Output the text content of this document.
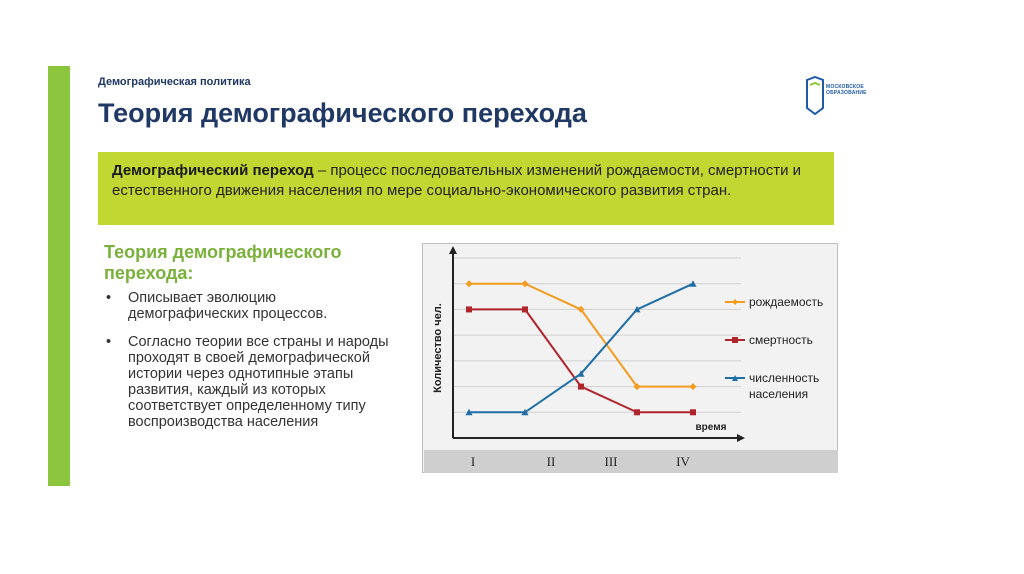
Демографическая политика
Теория демографического перехода
МОСКОВСКОЕ
ОБРАЗОВАНИЕ
Демографический переход – процесс последовательных изменений рождаемости, смертности и естественного движения населения по мере социально-экономического развития стран.
Теория демографического перехода:
• Описывает эволюцию демографических процессов.
• Согласно теории все страны и народы проходят в своей демографической истории через однотипные этапы развития, каждый из которых соответствует определенному типу воспроизводства населения
Количество чел.
время
I	II	III	IV
рождаемость
смертность
численность населения
